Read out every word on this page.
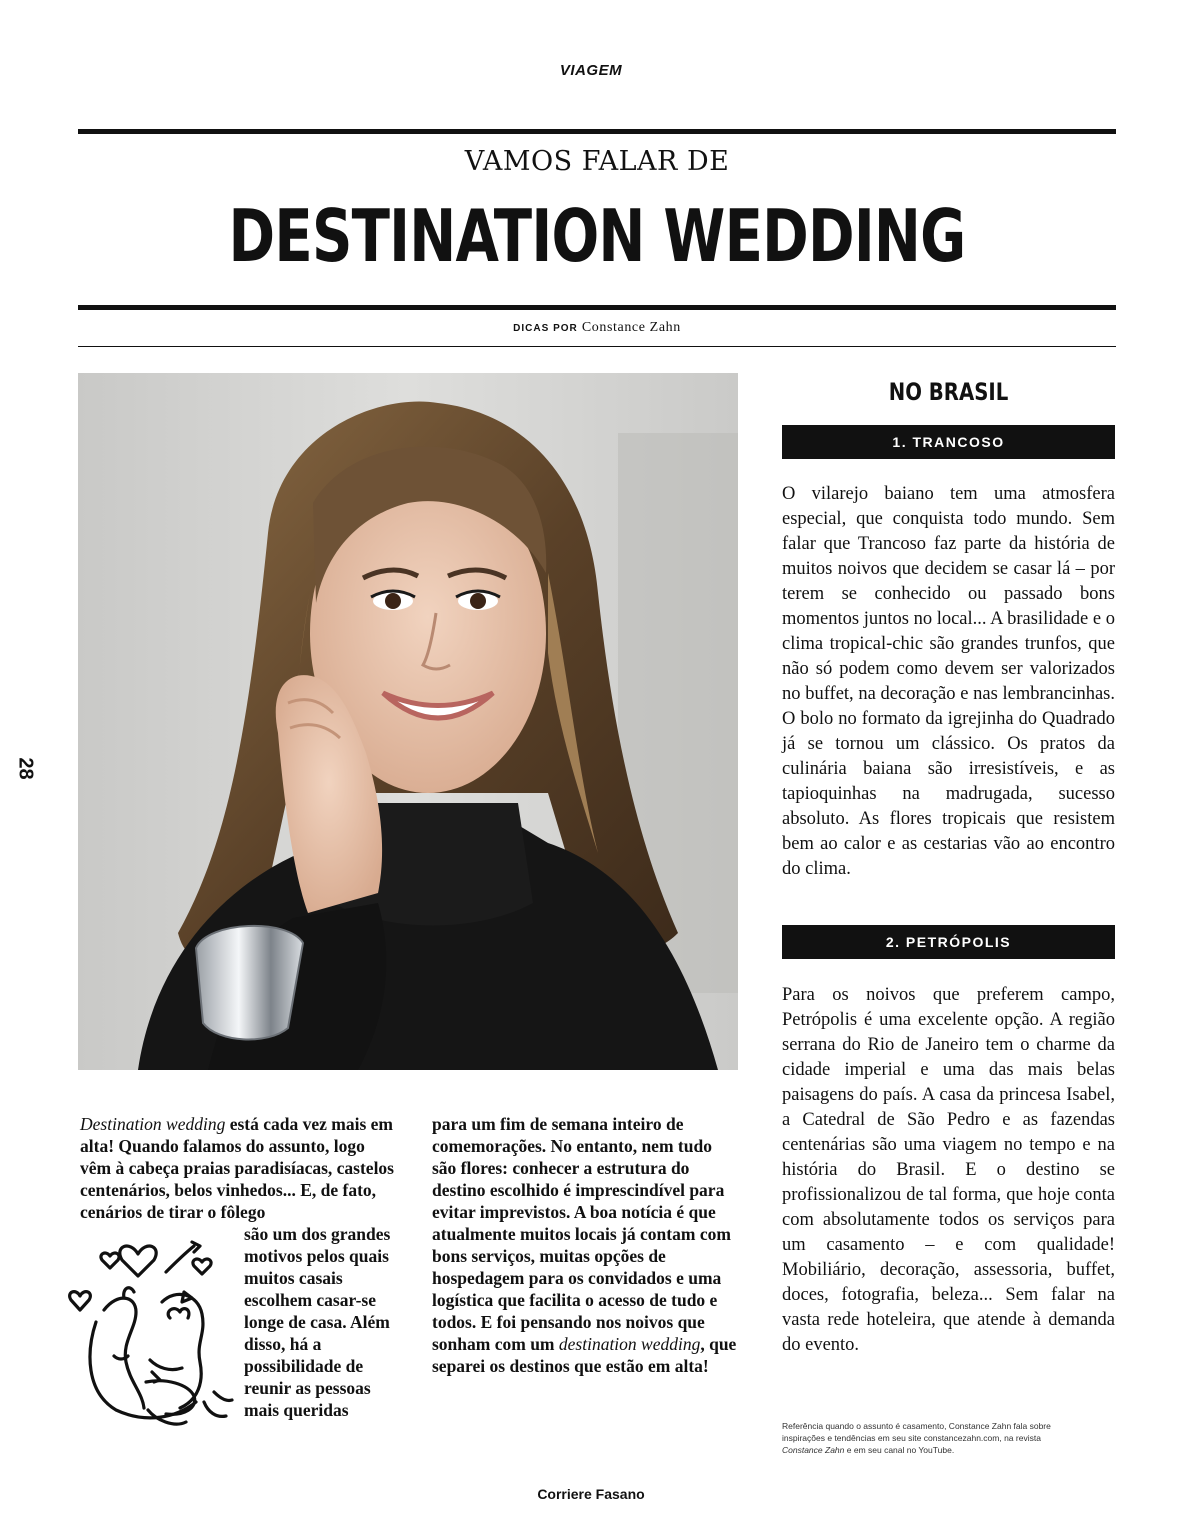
VIAGEM
VAMOS FALAR DE
DESTINATION WEDDING
DICAS POR Constance Zahn
NO BRASIL
1. TRANCOSO

O vilarejo baiano tem uma atmosfera especial, que conquista todo mundo. Sem falar que Trancoso faz parte da história de muitos noivos que decidem se casar lá – por terem se conhecido ou passado bons momentos juntos no local... A brasilidade e o clima tropical-chic são grandes trunfos, que não só podem como devem ser valorizados no buffet, na decoração e nas lembrancinhas. O bolo no formato da igrejinha do Quadrado já se tornou um clássico. Os pratos da culinária baiana são irresistíveis, e as tapioquinhas na madrugada, sucesso absoluto. As flores tropicais que resistem bem ao calor e as cestarias vão ao encontro do clima.

2. PETRÓPOLIS

Para os noivos que preferem campo, Petrópolis é uma excelente opção. A região serrana do Rio de Janeiro tem o charme da cidade imperial e uma das mais belas paisagens do país. A casa da princesa Isabel, a Catedral de São Pedro e as fazendas centenárias são uma viagem no tempo e na história do Brasil. E o destino se profissionalizou de tal forma, que hoje conta com absolutamente todos os serviços para um casamento – e com qualidade! Mobiliário, decoração, assessoria, buffet, doces, fotografia, beleza... Sem falar na vasta rede hoteleira, que atende à demanda do evento.

Destination wedding está cada vez mais em alta! Quando falamos do assunto, logo vêm à cabeça praias paradisíacas, castelos centenários, belos vinhedos... E, de fato, cenários de tirar o fôlego

são um dos grandes motivos pelos quais muitos casais escolhem casar-se longe de casa. Além disso, há a possibilidade de reunir as pessoas mais queridas

para um fim de semana inteiro de comemorações. No entanto, nem tudo são flores: conhecer a estrutura do destino escolhido é imprescindível para evitar imprevistos. A boa notícia é que atualmente muitos locais já contam com bons serviços, muitas opções de hospedagem para os convidados e uma logística que facilita o acesso de tudo e todos. E foi pensando nos noivos que sonham com um destination wedding, que separei os destinos que estão em alta!

Referência quando o assunto é casamento, Constance Zahn fala sobre inspirações e tendências em seu site constancezahn.com, na revista Constance Zahn e em seu canal no YouTube.
28
Corriere Fasano
